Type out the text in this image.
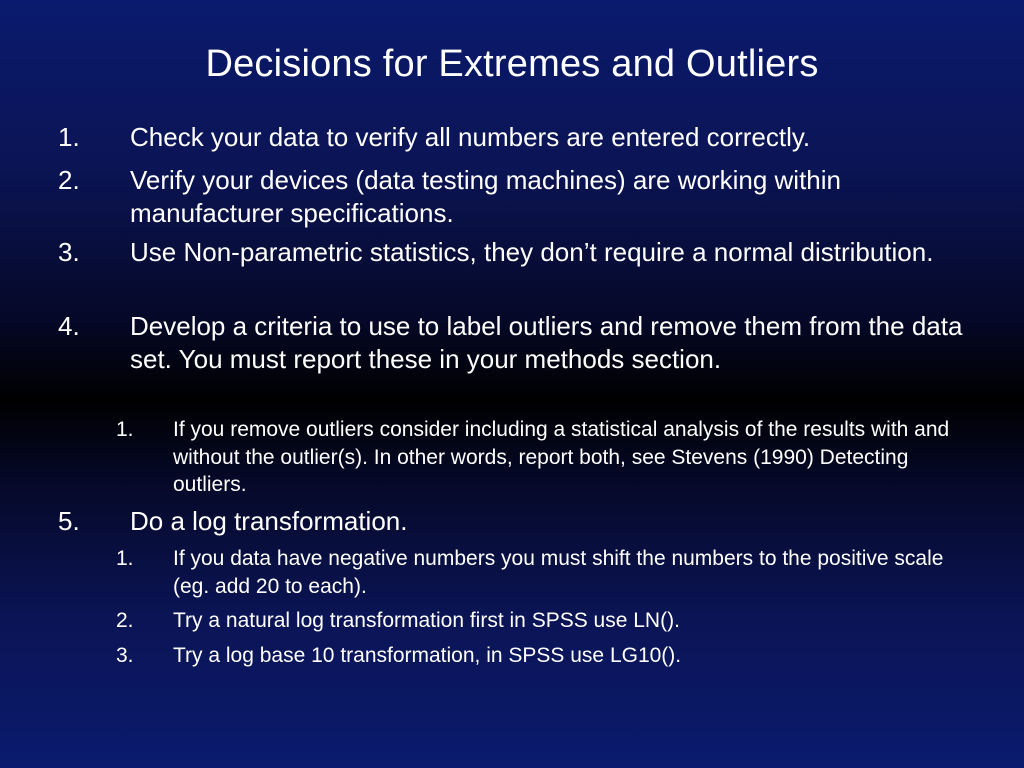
Decisions for Extremes and Outliers
1. Check your data to verify all numbers are entered correctly.
2. Verify your devices (data testing machines) are working within manufacturer specifications.
3. Use Non-parametric statistics, they don’t require a normal distribution.
4. Develop a criteria to use to label outliers and remove them from the data set. You must report these in your methods section.
1. If you remove outliers consider including a statistical analysis of the results with and without the outlier(s). In other words, report both, see Stevens (1990) Detecting outliers.
5. Do a log transformation.
1. If you data have negative numbers you must shift the numbers to the positive scale (eg. add 20 to each).
2. Try a natural log transformation first in SPSS use LN().
3. Try a log base 10 transformation, in SPSS use LG10().
